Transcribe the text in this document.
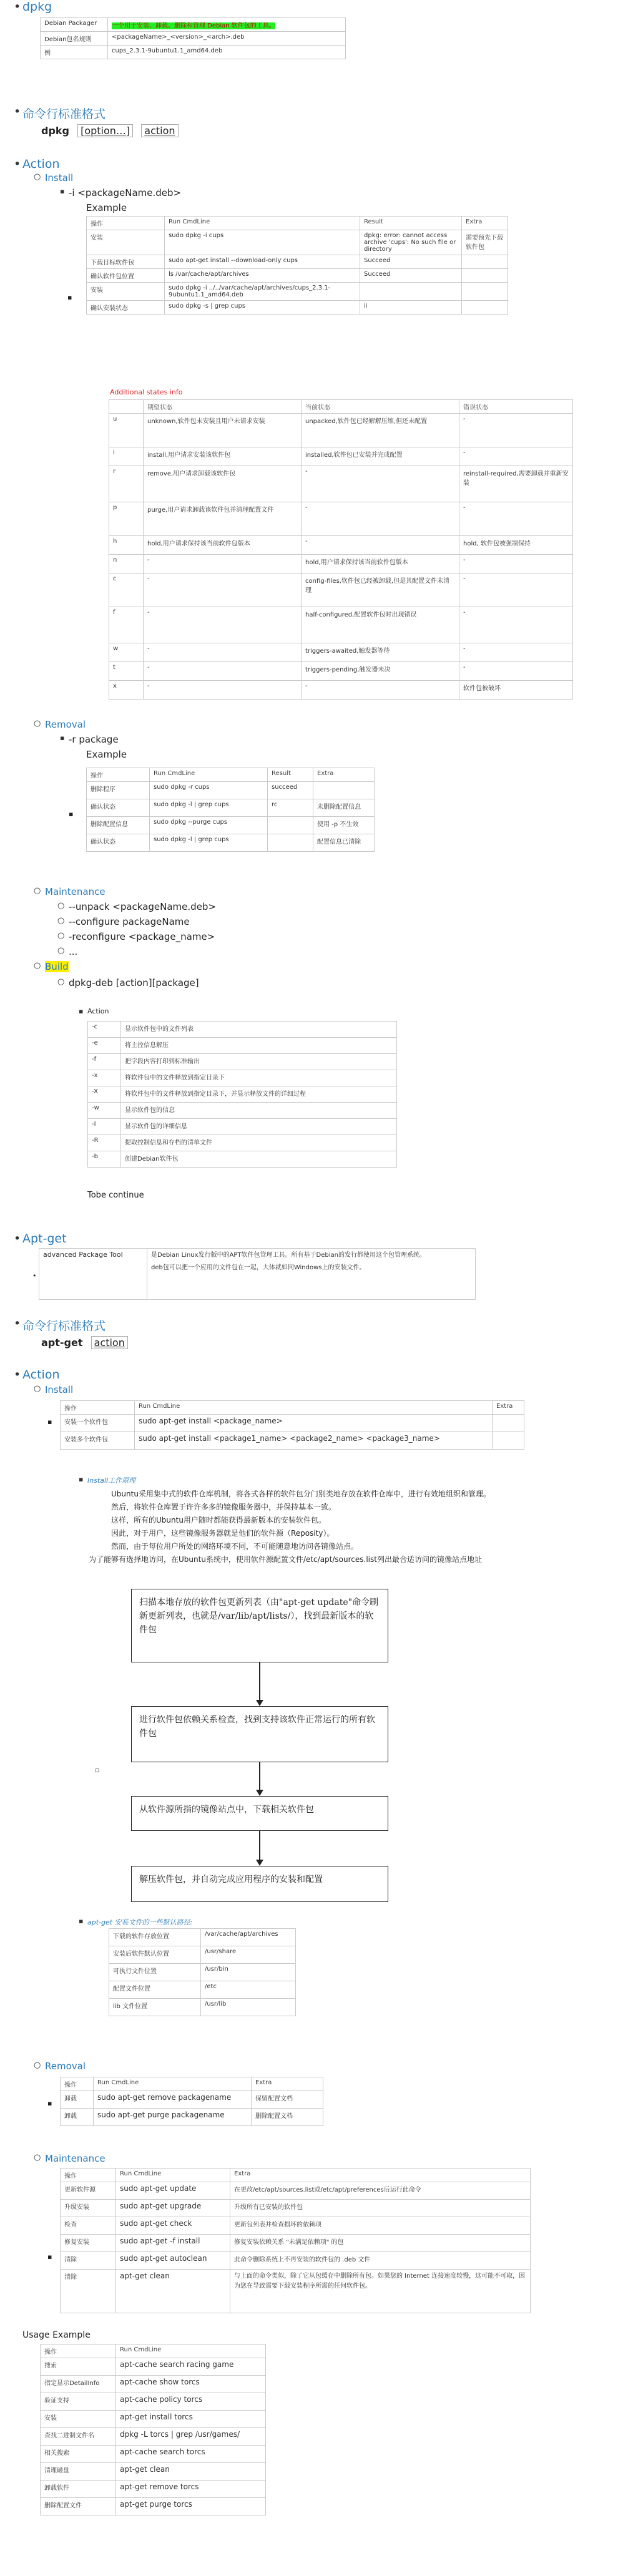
• dpkg
Debian Packager	一个用于安装、卸载、删除和管理 Debian 软件包的工具。
Debian包名规则	<packageName>_<version>_<arch>.deb
例	cups_2.3.1-9ubuntu1.1_amd64.deb
• 命令行标准格式
dpkg [option…] action
• Action
○ Install
▪ -i <packageName.deb>
Example
▪
操作	Run CmdLine	Result	Extra
安装	sudo dpkg -i cups	dpkg: error: cannot access archive 'cups': No such file or directory	需要预先下载软件包
下载目标软件包	sudo apt-get install --download-only cups	Succeed	
确认软件包位置	ls /var/cache/apt/archives	Succeed	
安装	sudo dpkg -i ../../var/cache/apt/archives/cups_2.3.1-9ubuntu1.1_amd64.deb		
确认安装状态	sudo dpkg -s | grep cups	ii	
Additional states info
	期望状态	当前状态	错误状态
u	unknown,软件包未安装且用户未请求安装	unpacked,软件包已经解解压缩,但还未配置	-
i	install,用户请求安装该软件包	installed,软件包已安装并完成配置	-
r	remove,用户请求卸载该软件包	-	reinstall-required,需要卸载并重新安装
p	purge,用户请求卸载该软件包并清理配置文件	-	-
h	hold,用户请求保持该当前软件包版本	-	hold, 软件包被强制保持
n	-	hold,用户请求保持该当前软件包版本	-
c	-	config-files,软件包已经被卸载,但是其配置文件未清理	-
f	-	half-configured,配置软件包时出现错误	-
w	-	triggers-awaited,触发器等待	-
t	-	triggers-pending,触发器未决	-
x	-	-	软件包被破坏
○ Removal
▪ -r package
Example
▪
操作	Run CmdLine	Result	Extra
删除程序	sudo dpkg -r cups	succeed	
确认状态	sudo dpkg -l | grep cups	rc	未删除配置信息
删除配置信息	sudo dpkg --purge cups		使用 -p 不生效
确认状态	sudo dpkg -l | grep cups		配置信息已清除
○ Maintenance
○ --unpack <packageName.deb>
○ --configure packageName
○ -reconfigure <package_name>
○ ...
○ Build
○ dpkg-deb [action][package]
▪ Action
-c	显示软件包中的文件列表
-e	将主控信息解压
-f	把字段内容打印到标准输出
-x	将软件包中的文件释放到指定目录下
-X	将软件包中的文件释放到指定目录下，并显示释放文件的详细过程
-w	显示软件包的信息
-I	显示软件包的详细信息
-R	提取控制信息和存档的清单文件
-b	创建Debian软件包
Tobe continue
• Apt-get
•
advanced Package Tool	是Debian Linux发行版中的APT软件包管理工具。所有基于Debian的发行都使用这个包管理系统。
deb包可以把一个应用的文件包在一起，大体就如同Windows上的安装文件。
• 命令行标准格式
apt-get action
• Action
○ Install
▪
操作	Run CmdLine	Extra
安装一个软件包	sudo apt-get install <package_name>	
安装多个软件包	sudo apt-get install <package1_name> <package2_name> <package3_name>	
▪ Install工作原理
Ubuntu采用集中式的软件仓库机制，将各式各样的软件包分门别类地存放在软件仓库中，进行有效地组织和管理。
然后，将软件仓库置于许许多多的镜像服务器中，并保持基本一致。
这样，所有的Ubuntu用户随时都能获得最新版本的安装软件包。
因此，对于用户，这些镜像服务器就是他们的软件源（Reposity）。
然而，由于每位用户所处的网络环境不同，不可能随意地访问各镜像站点。
为了能够有选择地访问，在Ubuntu系统中，使用软件源配置文件/etc/apt/sources.list列出最合适访问的镜像站点地址
▫
扫描本地存放的软件包更新列表（由"apt-get update"命令刷新更新列表，也就是/var/lib/apt/lists/），找到最新版本的软件包
进行软件包依赖关系检查，找到支持该软件正常运行的所有软件包
从软件源所指的镜像站点中，下载相关软件包
解压软件包，并自动完成应用程序的安装和配置
▪ apt-get 安装文件的一些默认路径:
下载的软件存放位置	/var/cache/apt/archives
安装后软件默认位置	/usr/share
可执行文件位置	/usr/bin
配置文件位置	/etc
lib 文件位置	/usr/lib
○ Removal
▪
操作	Run CmdLine	Extra
卸载	sudo apt-get remove packagename	保留配置文档
卸载	sudo apt-get purge packagename	删除配置文档
○ Maintenance
▪
操作	Run CmdLine	Extra
更新软件源	sudo apt-get update	在更改/etc/apt/sources.list或/etc/apt/preferences后运行此命令
升级安装	sudo apt-get upgrade	升级所有已安装的软件包
检查	sudo apt-get check	更新包列表并检查损坏的依赖项
修复安装	sudo apt-get -f install	修复安装依赖关系 "未满足依赖项" 的包
清除	sudo apt-get autoclean	此命令删除系统上不再安装的软件包的 .deb 文件
清除	apt-get clean	与上面的命令类似，除了它从包缓存中删除所有包。如果您的 Internet 连接速度较慢，这可能不可取，因为您在导致需要下载安装程序所需的任何软件包。
Usage Example
操作	Run CmdLine
搜索	apt-cache search racing game
指定显示DetailInfo	apt-cache show torcs
验证支持	apt-cache policy torcs
安装	apt-get install torcs
查找二进制文件名	dpkg -L torcs | grep /usr/games/
相关搜索	apt-cache search torcs
清理磁盘	apt-get clean
卸载软件	apt-get remove torcs
删除配置文件	apt-get purge torcs
